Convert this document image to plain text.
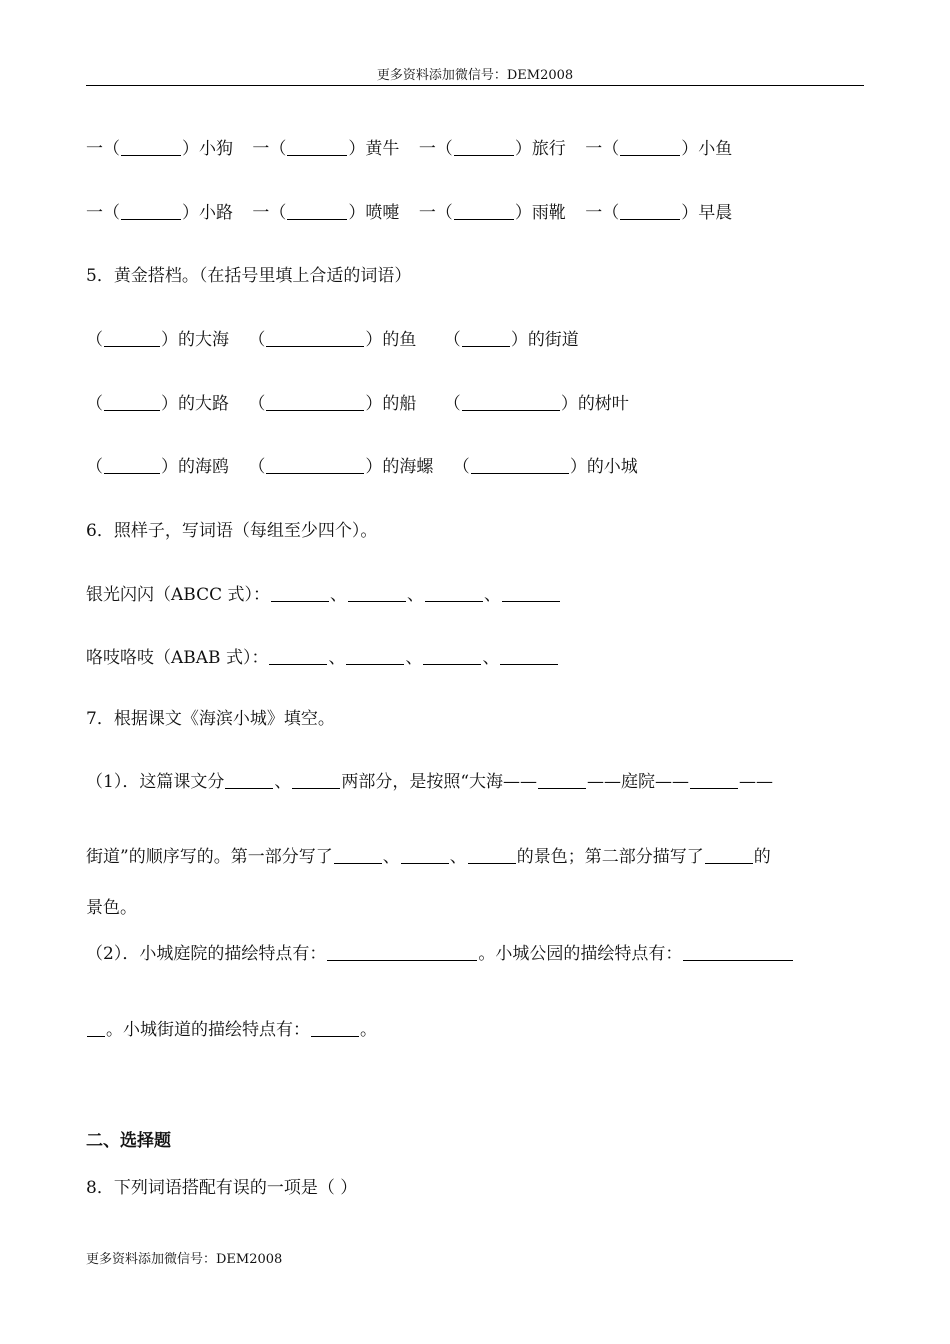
更多资料添加微信号：DEM2008
一（	）小狗 一（	）黄牛 一（	）旅行 一（	）小鱼
一（	）小路 一（	）喷嚏 一（	）雨靴 一（	）早晨
5．黄金搭档。（在括号里填上合适的词语）
（	）的大海 （	）的鱼 （	）的街道
（	）的大路 （	）的船 （	）的树叶
（	）的海鸥 （	）的海螺 （	）的小城
6．照样子，写词语（每组至少四个）。
银光闪闪（ABCC 式）：	、	、	、
咯吱咯吱（ABAB 式）：	、	、	、
7．根据课文《海滨小城》填空。
（1）．这篇课文分	、	两部分，是按照“大海——	——庭院——	——
街道”的顺序写的。第一部分写了	、	、	的景色；第二部分描写了	的
景色。
（2）．小城庭院的描绘特点有：	。小城公园的描绘特点有：
。小城街道的描绘特点有：	。
二、选择题
8．下列词语搭配有误的一项是（ ）
更多资料添加微信号：DEM2008
